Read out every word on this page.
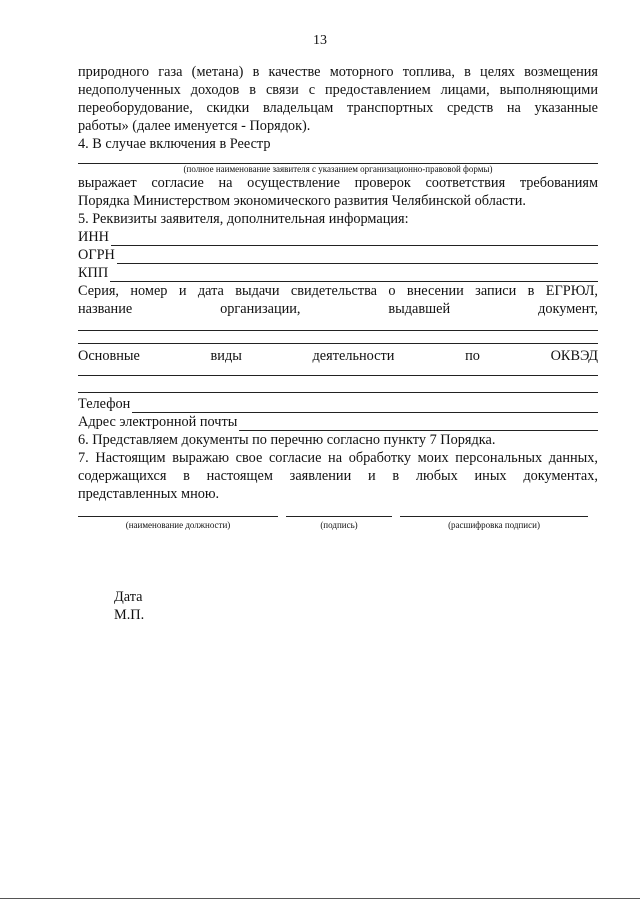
13
природного газа (метана) в качестве моторного топлива, в целях возмещения
недополученных доходов в связи с предоставлением лицами, выполняющими
переоборудование, скидки владельцам транспортных средств на указанные
работы» (далее именуется - Порядок).
4. В случае включения в Реестр
(полное наименование заявителя с указанием организационно-правовой формы)
выражает согласие на осуществление проверок соответствия требованиям
Порядка Министерством экономического развития Челябинской области.
5. Реквизиты заявителя, дополнительная информация:
ИНН
ОГРН
КПП
Серия, номер и дата выдачи свидетельства о внесении записи в ЕГРЮЛ,
название организации, выдавшей документ,
Основные виды деятельности по ОКВЭД
Телефон
Адрес электронной почты
6. Представляем документы по перечню согласно пункту 7 Порядка.
7. Настоящим выражаю свое согласие на обработку моих персональных данных,
содержащихся в настоящем заявлении и в любых иных документах,
представленных мною.
(наименование должности)	(подпись)	(расшифровка подписи)
Дата
М.П.
